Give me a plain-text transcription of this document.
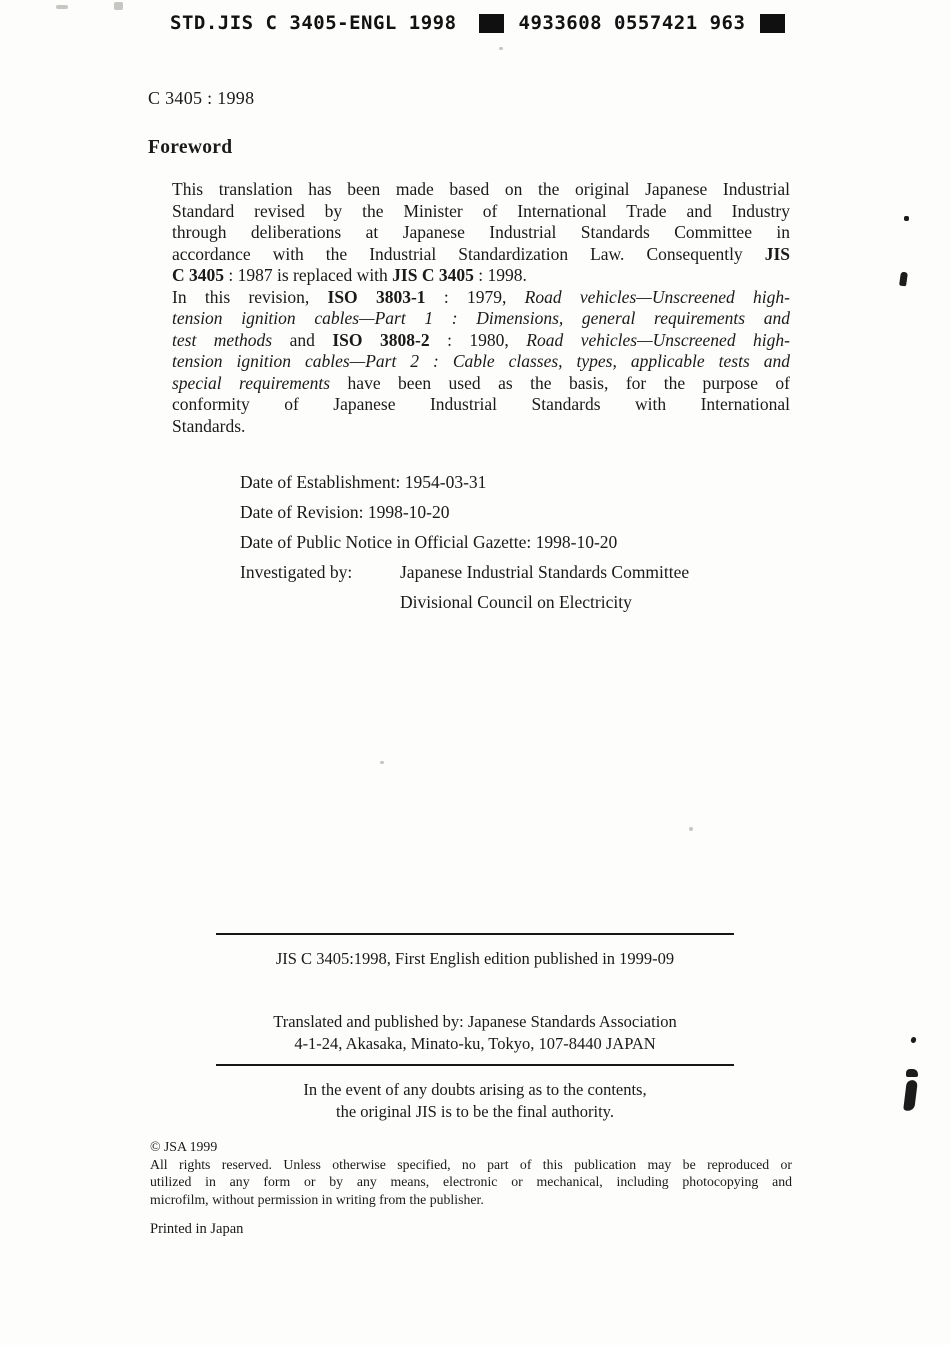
STD.JIS C 3405-ENGL 1998	4933608 0557421 963
C 3405 : 1998
Foreword
This translation has been made based on the original Japanese Industrial
Standard revised by the Minister of International Trade and Industry
through deliberations at Japanese Industrial Standards Committee in
accordance with the Industrial Standardization Law. Consequently JIS
C 3405 : 1987 is replaced with JIS C 3405 : 1998.
In this revision, ISO 3803-1 : 1979, Road vehicles—Unscreened high-
tension ignition cables—Part 1 : Dimensions, general requirements and
test methods and ISO 3808-2 : 1980, Road vehicles—Unscreened high-
tension ignition cables—Part 2 : Cable classes, types, applicable tests and
special requirements have been used as the basis, for the purpose of
conformity of Japanese Industrial Standards with International
Standards.
Date of Establishment: 1954-03-31
Date of Revision: 1998-10-20
Date of Public Notice in Official Gazette: 1998-10-20
Investigated by:	Japanese Industrial Standards Committee
Divisional Council on Electricity
JIS C 3405:1998, First English edition published in 1999-09
Translated and published by: Japanese Standards Association
4-1-24, Akasaka, Minato-ku, Tokyo, 107-8440 JAPAN
In the event of any doubts arising as to the contents,
the original JIS is to be the final authority.
© JSA 1999
All rights reserved. Unless otherwise specified, no part of this publication may be reproduced or
utilized in any form or by any means, electronic or mechanical, including photocopying and
microfilm, without permission in writing from the publisher.
Printed in Japan
